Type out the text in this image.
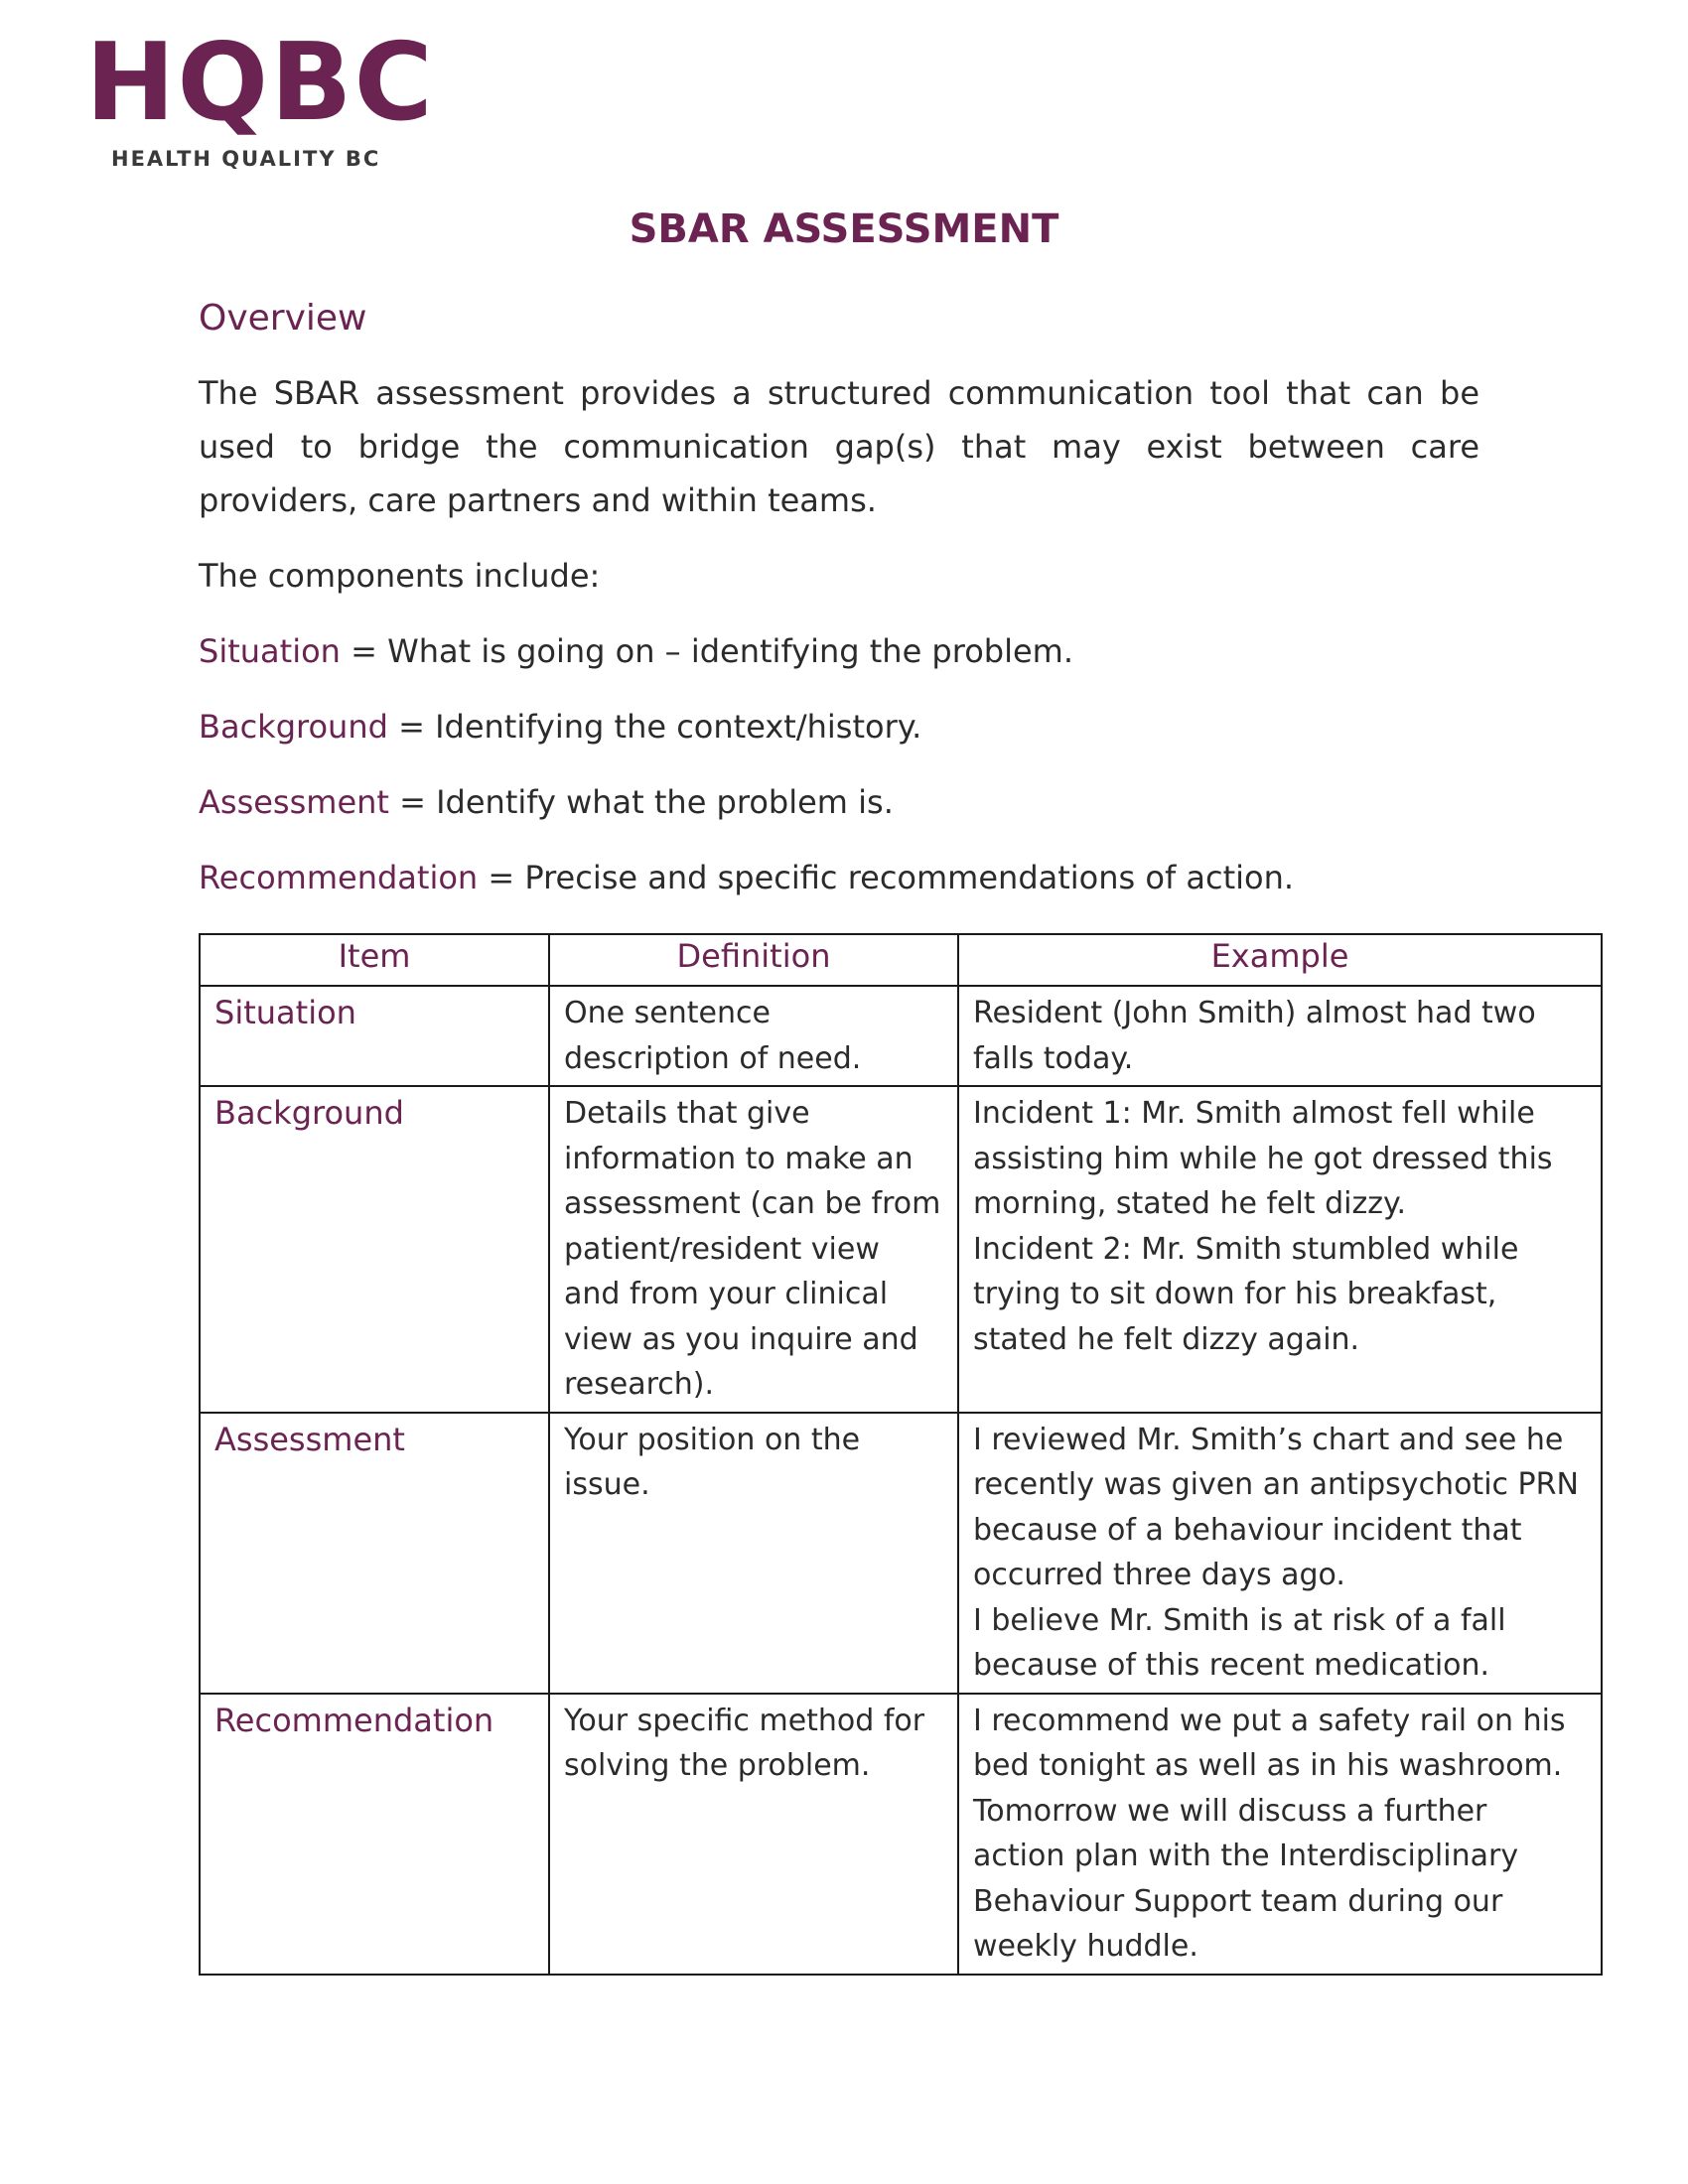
HQBC
HEALTH QUALITY BC
SBAR ASSESSMENT
Overview

The SBAR assessment provides a structured communication tool that can be used to bridge the communication gap(s) that may exist between care providers, care partners and within teams.

The components include:

Situation = What is going on – identifying the problem.

Background = Identifying the context/history.

Assessment = Identify what the problem is.

Recommendation = Precise and specific recommendations of action.

Item	Definition	Example
Situation	One sentence description of need.	Resident (John Smith) almost had two falls today.

Background	Details that give information to make an assessment (can be from patient/resident view and from your clinical view as you inquire and research).	Incident 1: Mr. Smith almost fell while assisting him while he got dressed this morning, stated he felt dizzy.
Incident 2: Mr. Smith stumbled while trying to sit down for his breakfast, stated he felt dizzy again.

Assessment	Your position on the issue.	I reviewed Mr. Smith’s chart and see he recently was given an antipsychotic PRN because of a behaviour incident that occurred three days ago.
I believe Mr. Smith is at risk of a fall because of this recent medication.

Recommendation	Your specific method for solving the problem.	I recommend we put a safety rail on his bed tonight as well as in his washroom. Tomorrow we will discuss a further action plan with the Interdisciplinary Behaviour Support team during our weekly huddle.
